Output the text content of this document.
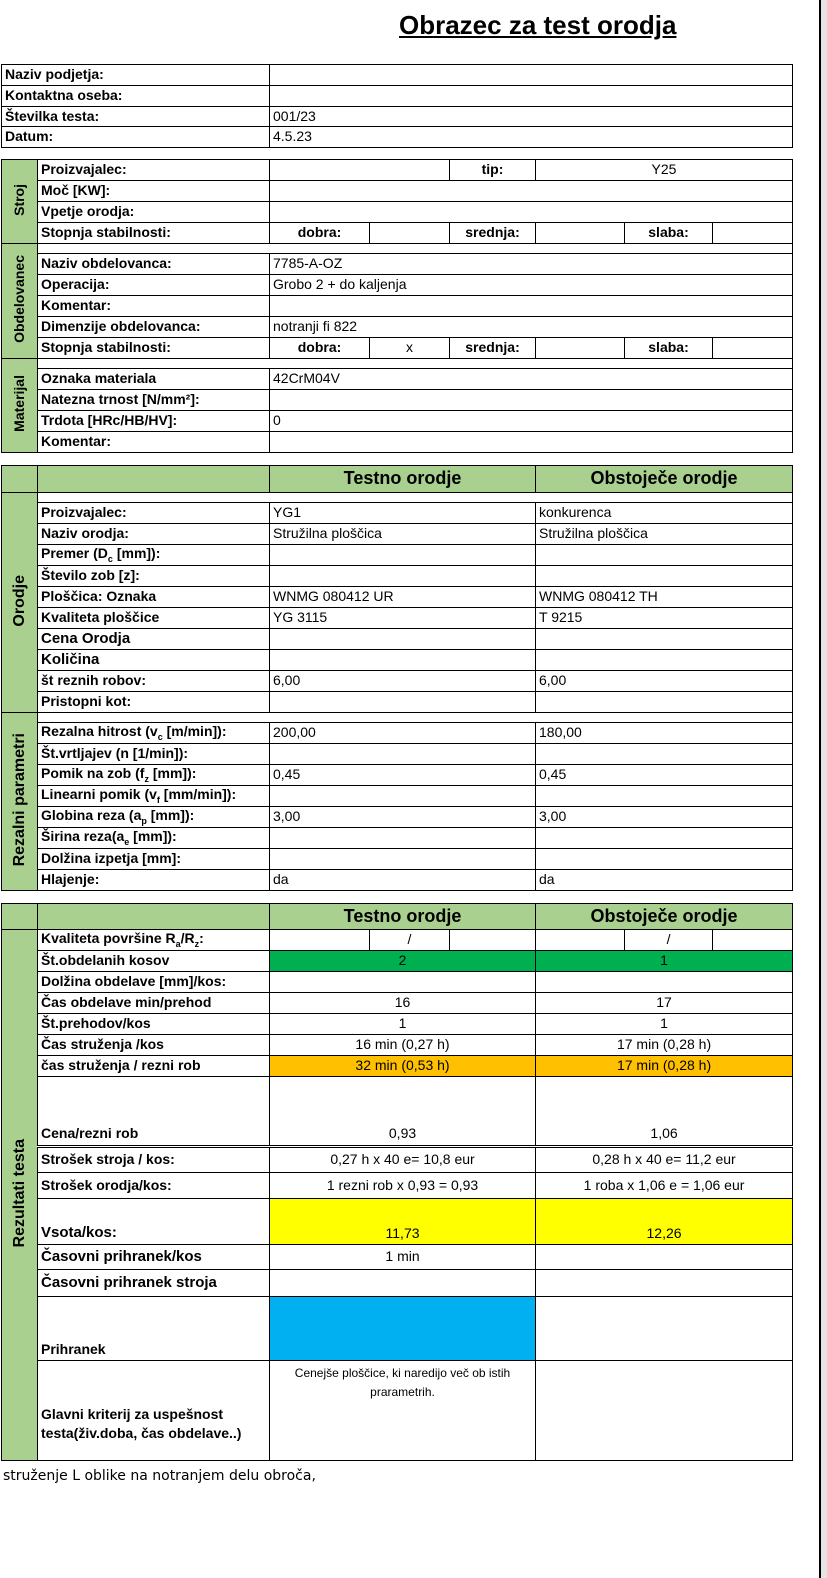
Obrazec za test orodja
Naziv podjetja:	
Kontaktna oseba:	
Številka testa:	001/23
Datum:	4.5.23
Stroj	Proizvajalec:			tip:	Y25		
	Moč [KW]:						
	Vpetje orodja:						
	Stopnja stabilnosti:	dobra:		srednja:		slaba:	
Obdelovanec							
	Naziv obdelovanca:	7785-A-OZ					
	Operacija:	Grobo 2 + do kaljenja					
	Komentar:						
	Dimenzije obdelovanca:	notranji fi 822					
	Stopnja stabilnosti:	dobra:	x	srednja:		slaba:	
Materijal							
	Oznaka materiala	42CrM04V					
	Natezna trnost [N/mm²]:						
	Trdota [HRc/HB/HV]:	0					
	Komentar:						
		Testno orodje	Obstoječe orodje
Orodje			
	Proizvajalec:	YG1	konkurenca
	Naziv orodja:	Stružilna ploščica	Stružilna ploščica
	Premer ($D_c$ [mm]):		
	Število zob [z]:		
	Ploščica: Oznaka	WNMG 080412 UR	WNMG 080412 TH
	Kvaliteta ploščice	YG 3115	T 9215
	Cena Orodja		
	Količina		
	št reznih robov:	6,00	6,00
	Pristopni kot:		
Rezalni parametri			
	Rezalna hitrost ($v_c$ [m/min]):	200,00	180,00
	Št.vrtljajev (n [1/min]):		
	Pomik na zob ($f_z$ [mm]):	0,45	0,45
	Linearni pomik ($v_f$ [mm/min]):		
	Globina reza ($a_p$ [mm]):	3,00	3,00
	Širina $reza(a_e$ [mm]):		
	Dolžina izpetja [mm]:		
	Hlajenje:	da	da
		Testno orodje			Obstoječe orodje		
Rezultati testa	Kvaliteta površine $R_a/R_z$:		/			/	
	Št.obdelanih kosov	2			1		
	Dolžina obdelave [mm]/kos:						
	Čas obdelave min/prehod	16			17		
	Št.prehodov/kos	1			1		
	Čas struženja /kos	16 min (0,27 h)			17 min (0,28 h)		
	čas struženja / rezni rob	32 min (0,53 h)			17 min (0,28 h)		
	Cena/rezni rob	0,93			1,06		
	Strošek stroja / kos:	0,27 h x 40 e= 10,8 eur			0,28 h x 40 e= 11,2 eur		
	Strošek orodja/kos:	1 rezni rob x 0,93 = 0,93			1 roba x 1,06 e = 1,06 eur		
	Vsota/kos:	11,73			12,26		
	Časovni prihranek/kos	1 min					
	Časovni prihranek stroja						
	Prihranek						
	Glavni kriterij za uspešnost testa(živ.doba, čas obdelave..)	Cenejše ploščice, ki naredijo več ob istih prarametrih.					
struženje L oblike na notranjem delu obroča,
